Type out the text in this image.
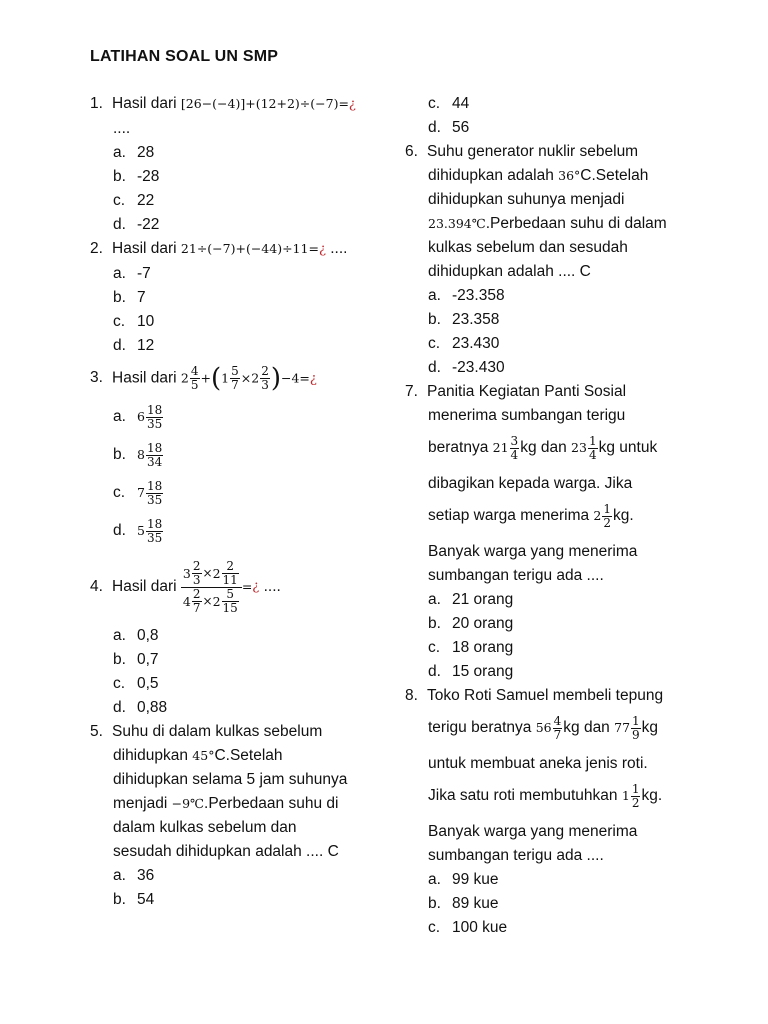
LATIHAN SOAL UN SMP
1. Hasil dari [26−(−4)]+(12+2)÷(−7)=¿
....
a. 28
b. -28
c. 22
d. -22
2. Hasil dari 21÷(−7)+(−44)÷11=¿ ....
a. -7
b. 7
c. 10
d. 12
3. Hasil dari $2 \frac{4}{5} +(1 \frac{5}{7} \times 2 \frac{2}{3}$ )−4=¿
a. $6 \frac{18}{35}$
b. $8 \frac{18}{34}$
c. $7 \frac{18}{35}$
d. $5 \frac{18}{35}$
4. Hasil dari
$\frac{3 \frac{2}{3} \times 2 \frac{2}{11}}{4 \frac{2}{7} \times 2 \frac{5}{15}}$ = ¿
....
a. 0,8
b. 0,7
c. 0,5
d. 0,88
5. Suhu di dalam kulkas sebelum
dihidupkan 45°C.Setelah
dihidupkan selama 5 jam suhunya
menjadi −9℃.Perbedaan suhu di
dalam kulkas sebelum dan
sesudah dihidupkan adalah .... C
a. 36
b. 54
c. 44
d. 56
6. Suhu generator nuklir sebelum
dihidupkan adalah 36°C.Setelah
dihidupkan suhunya menjadi
23.394℃.Perbedaan suhu di dalam
kulkas sebelum dan sesudah
dihidupkan adalah .... C
a. -23.358
b. 23.358
c. 23.430
d. -23.430
7. Panitia Kegiatan Panti Sosial
menerima sumbangan terigu
beratnya
$21 \frac{3}{4}$ kg dan
$23 \frac{1}{4}$ kg untuk
dibagikan kepada warga. Jika
setiap warga menerima
$2 \frac{1}{2}$ kg.
Banyak warga yang menerima
sumbangan terigu ada ....
a. 21 orang
b. 20 orang
c. 18 orang
d. 15 orang
8. Toko Roti Samuel membeli tepung
terigu beratnya
$56 \frac{4}{7}$ kg dan
$77 \frac{1}{9}$ kg
untuk membuat aneka jenis roti.
Jika satu roti membutuhkan
$1 \frac{1}{2}$ kg.
Banyak warga yang menerima
sumbangan terigu ada ....
a. 99 kue
b. 89 kue
c. 100 kue
